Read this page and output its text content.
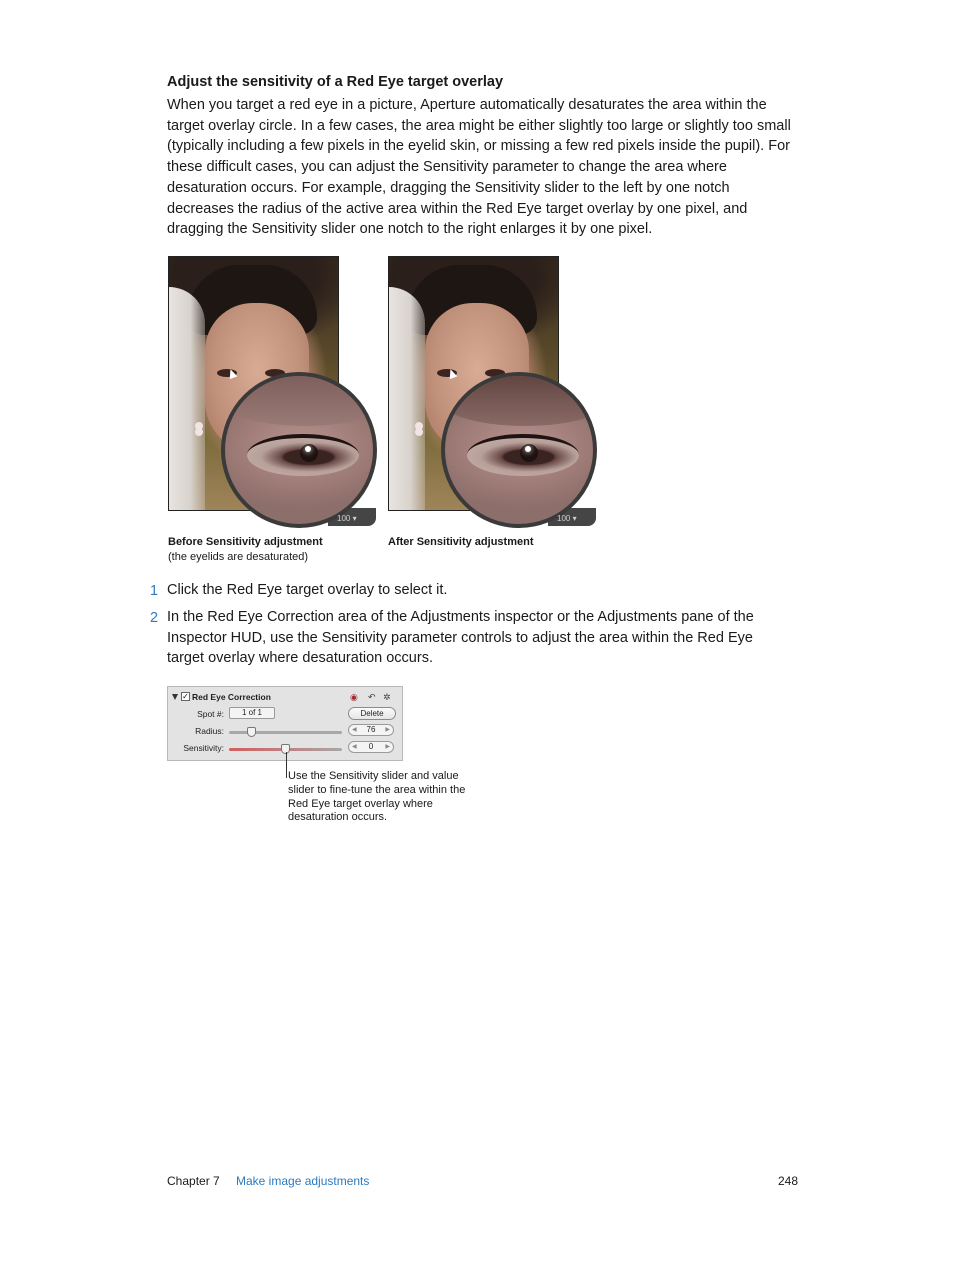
Adjust the sensitivity of a Red Eye target overlay
When you target a red eye in a picture, Aperture automatically desaturates the area within the target overlay circle. In a few cases, the area might be either slightly too large or slightly too small (typically including a few pixels in the eyelid skin, or missing a few red pixels inside the pupil). For these difficult cases, you can adjust the Sensitivity parameter to change the area where desaturation occurs. For example, dragging the Sensitivity slider to the left by one notch decreases the radius of the active area within the Red Eye target overlay by one pixel, and dragging the Sensitivity slider one notch to the right enlarges it by one pixel.
100 ▾	100 ▾
Before Sensitivity adjustment
(the eyelids are desaturated)
After Sensitivity adjustment
1 Click the Red Eye target overlay to select it.
2 In the Red Eye Correction area of the Adjustments inspector or the Adjustments pane of the Inspector HUD, use the Sensitivity parameter controls to adjust the area within the Red Eye target overlay where desaturation occurs.
✓ Red Eye Correction	◉ ↶ ✲
Spot #:	1 of 1	Delete
Radius:	◀ 76 ▶
Sensitivity:	◀ 0 ▶
Use the Sensitivity slider and value slider to fine-tune the area within the Red Eye target overlay where desaturation occurs.
Chapter 7 Make image adjustments	248
